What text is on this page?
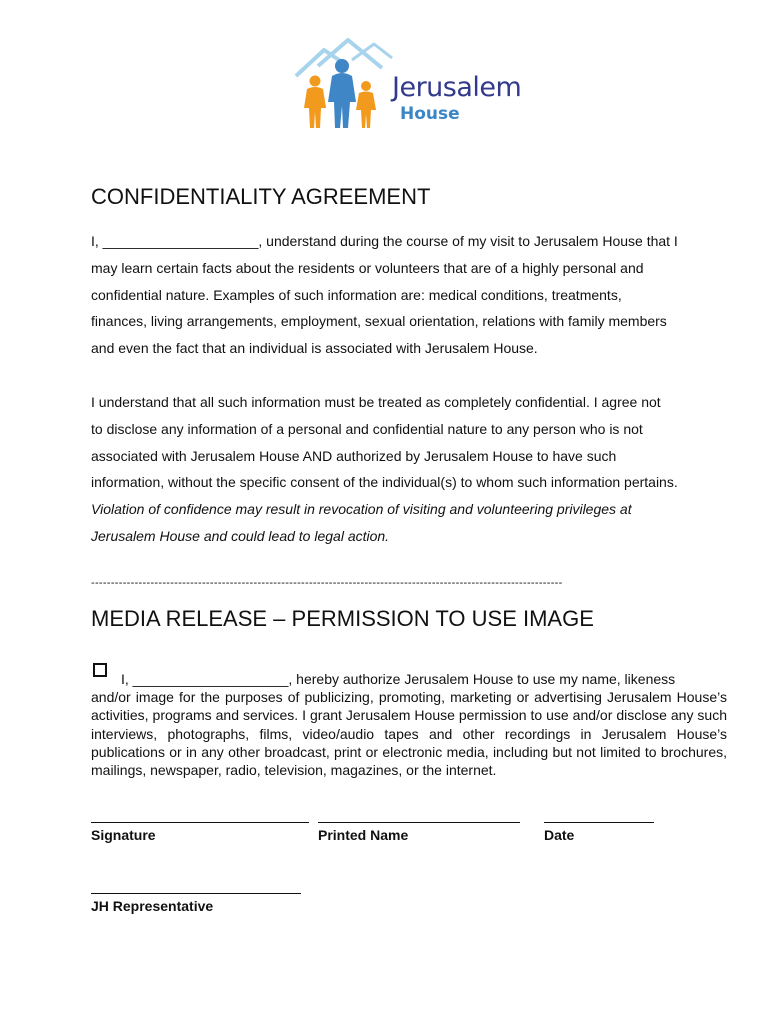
Jerusalem
House
CONFIDENTIALITY AGREEMENT
I, ____________________, understand during the course of my visit to Jerusalem House that I
may learn certain facts about the residents or volunteers that are of a highly personal and
confidential nature. Examples of such information are: medical conditions, treatments,
finances, living arrangements, employment, sexual orientation, relations with family members
and even the fact that an individual is associated with Jerusalem House.
I understand that all such information must be treated as completely confidential. I agree not
to disclose any information of a personal and confidential nature to any person who is not
associated with Jerusalem House AND authorized by Jerusalem House to have such
information, without the specific consent of the individual(s) to whom such information pertains.
Violation of confidence may result in revocation of visiting and volunteering privileges at
Jerusalem House and could lead to legal action.
-----------------------------------------------------------------------------------------------------------------------
MEDIA RELEASE – PERMISSION TO USE IMAGE
I, ____________________, hereby authorize Jerusalem House to use my name, likeness
and/or image for the purposes of publicizing, promoting, marketing or advertising Jerusalem House’s activities, programs and services. I grant Jerusalem House permission to use and/or disclose any such interviews, photographs, films, video/audio tapes and other recordings in Jerusalem House’s publications or in any other broadcast, print or electronic media, including but not limited to brochures, mailings, newspaper, radio, television, magazines, or the internet.
Signature	Printed Name	Date
JH Representative
